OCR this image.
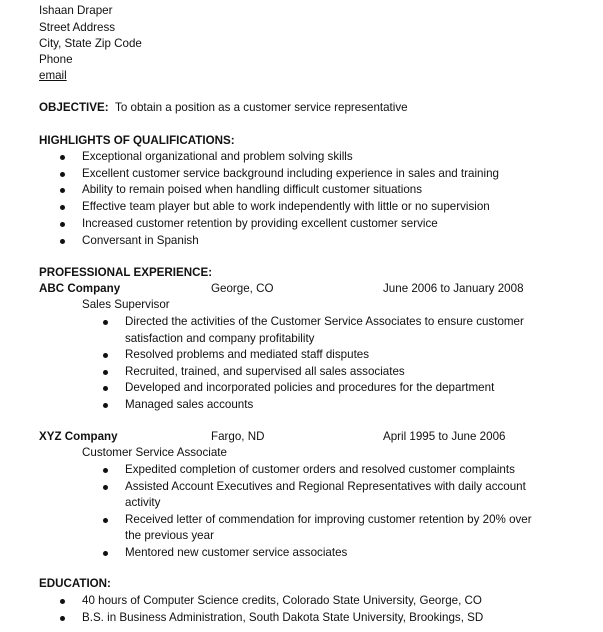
Ishaan Draper
Street Address
City, State Zip Code
Phone
email
OBJECTIVE: To obtain a position as a customer service representative
HIGHLIGHTS OF QUALIFICATIONS:
Exceptional organizational and problem solving skills
Excellent customer service background including experience in sales and training
Ability to remain poised when handling difficult customer situations
Effective team player but able to work independently with little or no supervision
Increased customer retention by providing excellent customer service
Conversant in Spanish
PROFESSIONAL EXPERIENCE:
ABC Company	George, CO	June 2006 to January 2008
Sales Supervisor
Directed the activities of the Customer Service Associates to ensure customer
satisfaction and company profitability
Resolved problems and mediated staff disputes
Recruited, trained, and supervised all sales associates
Developed and incorporated policies and procedures for the department
Managed sales accounts
XYZ Company	Fargo, ND	April 1995 to June 2006
Customer Service Associate
Expedited completion of customer orders and resolved customer complaints
Assisted Account Executives and Regional Representatives with daily account
activity
Received letter of commendation for improving customer retention by 20% over
the previous year
Mentored new customer service associates
EDUCATION:
40 hours of Computer Science credits, Colorado State University, George, CO
B.S. in Business Administration, South Dakota State University, Brookings, SD
